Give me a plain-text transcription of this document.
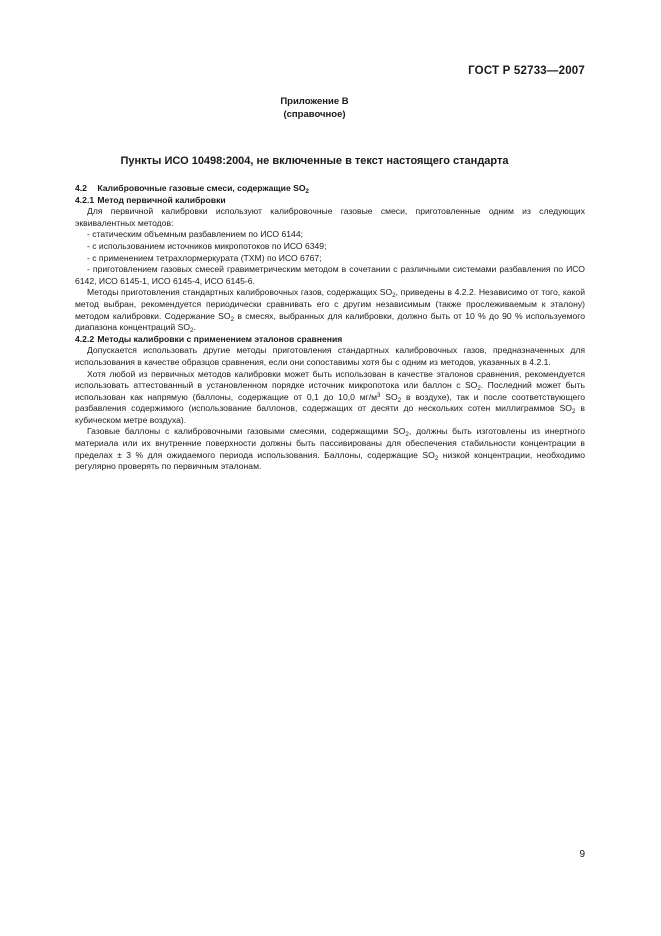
ГОСТ Р 52733—2007
Приложение В
(справочное)
Пункты ИСО 10498:2004, не включенные в текст настоящего стандарта

4.2 Калибровочные газовые смеси, содержащие $SO_2$

4.2.1 Метод первичной калибровки

Для первичной калибровки используют калибровочные газовые смеси, приготовленные одним из следующих эквивалентных методов:

- статическим объемным разбавлением по ИСО 6144;

- с использованием источников микропотоков по ИСО 6349;

- с применением тетрахлормеркурата (ТХМ) по ИСО 6767;

- приготовлением газовых смесей гравиметрическим методом в сочетании с различными системами разбавления по ИСО 6142, ИСО 6145-1, ИСО 6145-4, ИСО 6145-6.

Методы приготовления стандартных калибровочных газов, содержащих $SO_2$, приведены в 4.2.2. Независимо от того, какой метод выбран, рекомендуется периодически сравнивать его с другим независимым (также прослеживаемым к эталону) методом калибровки. Содержание $SO_2$ в смесях, выбранных для калибровки, должно быть от 10 % до 90 % используемого диапазона концентраций $SO_2$.

4.2.2 Методы калибровки с применением эталонов сравнения

Допускается использовать другие методы приготовления стандартных калибровочных газов, предназначенных для использования в качестве образцов сравнения, если они сопоставимы хотя бы с одним из методов, указанных в 4.2.1.

Хотя любой из первичных методов калибровки может быть использован в качестве эталонов сравнения, рекомендуется использовать аттестованный в установленном порядке источник микропотока или баллон с $SO_2$. Последний может быть использован как напрямую (баллоны, содержащие от 0,1 до 10,0 $мг/м^3$ $SO_2$ в воздухе), так и после соответствующего разбавления содержимого (использование баллонов, содержащих от десяти до нескольких сотен миллиграммов $SO_2$ в кубическом метре воздуха).

Газовые баллоны с калибровочными газовыми смесями, содержащими $SO_2$, должны быть изготовлены из инертного материала или их внутренние поверхности должны быть пассивированы для обеспечения стабильности концентрации в пределах ± 3 % для ожидаемого периода использования. Баллоны, содержащие $SO_2$ низкой концентрации, необходимо регулярно проверять по первичным эталонам.

9
